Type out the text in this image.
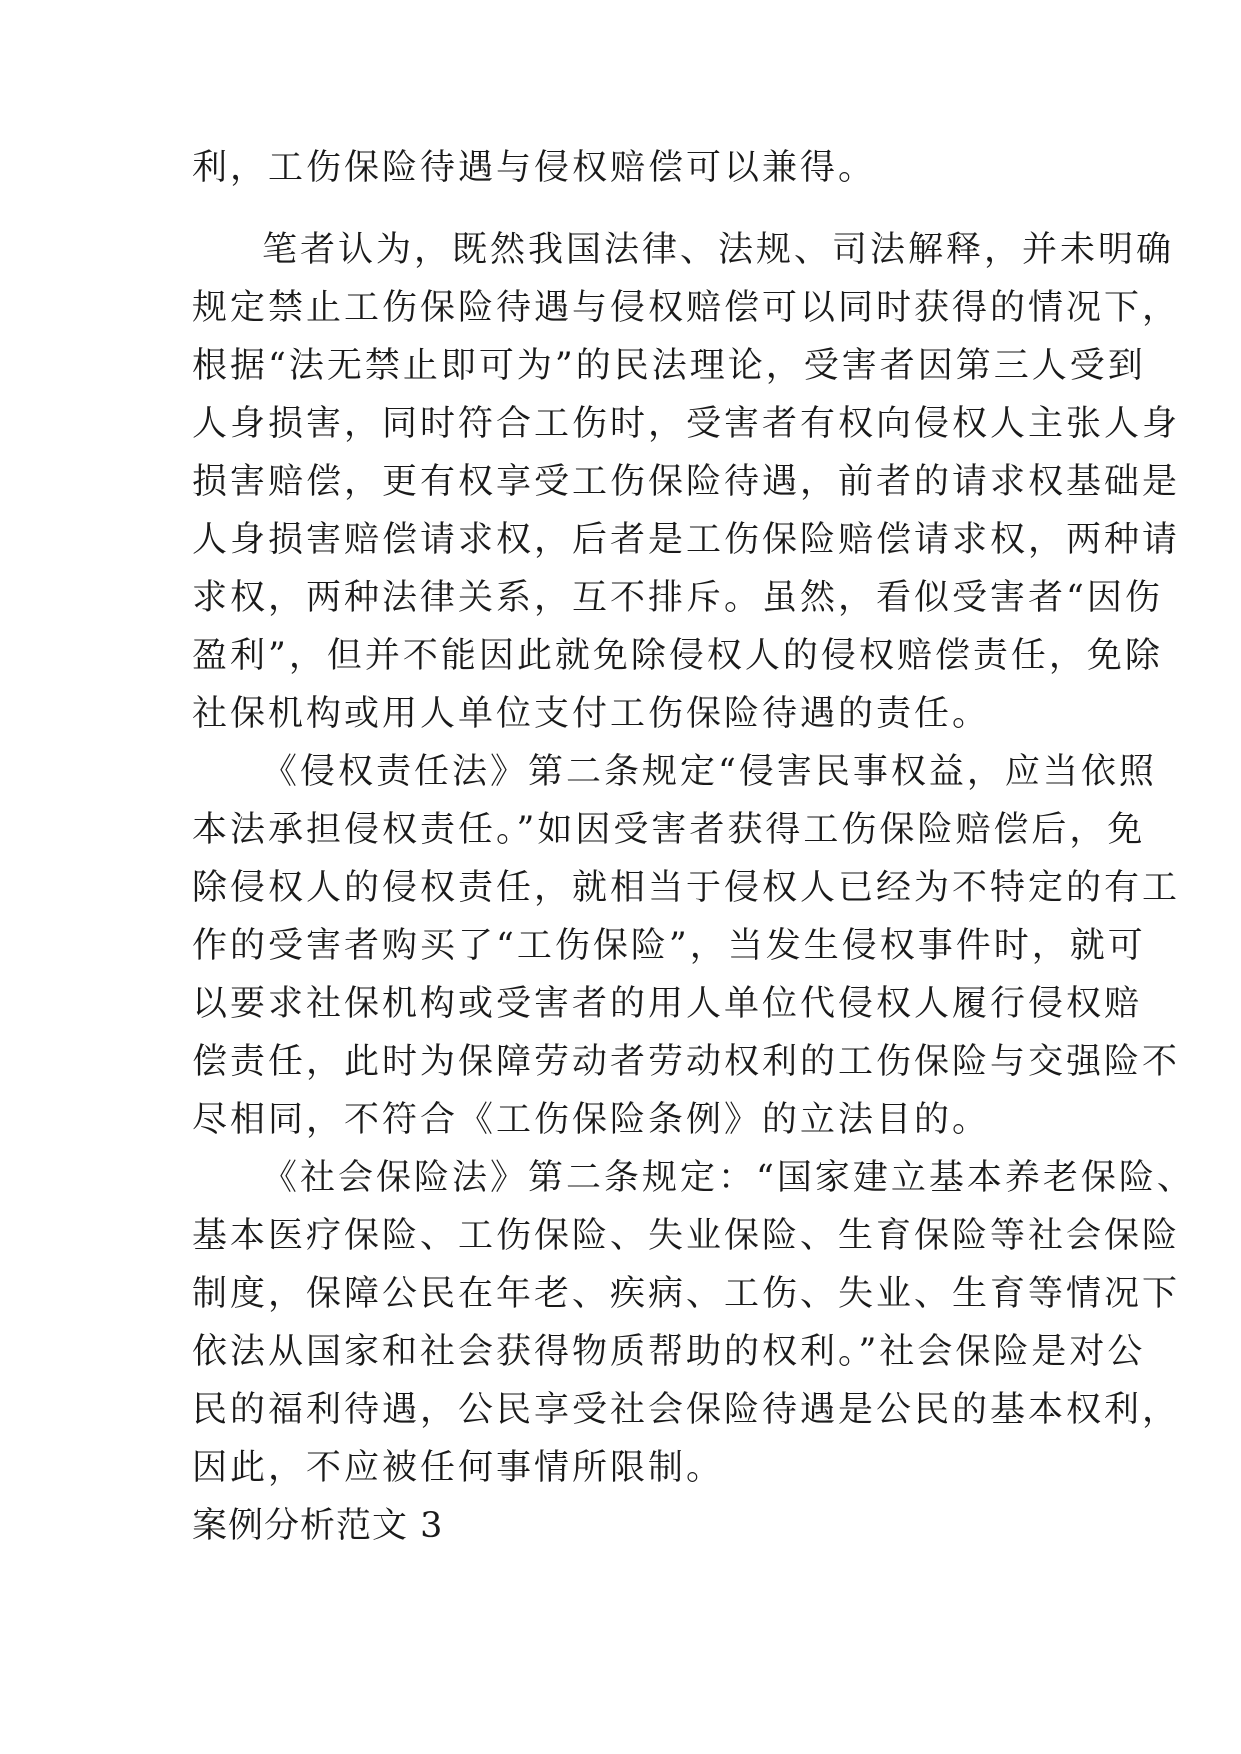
利，工伤保险待遇与侵权赔偿可以兼得。
笔者认为，既然我国法律、法规、司法解释，并未明确
规定禁止工伤保险待遇与侵权赔偿可以同时获得的情况下，
根据“法无禁止即可为”的民法理论，受害者因第三人受到
人身损害，同时符合工伤时，受害者有权向侵权人主张人身
损害赔偿，更有权享受工伤保险待遇，前者的请求权基础是
人身损害赔偿请求权，后者是工伤保险赔偿请求权，两种请
求权，两种法律关系，互不排斥。虽然，看似受害者“因伤
盈利”，但并不能因此就免除侵权人的侵权赔偿责任，免除
社保机构或用人单位支付工伤保险待遇的责任。
《侵权责任法》第二条规定“侵害民事权益，应当依照
本法承担侵权责任。”如因受害者获得工伤保险赔偿后，免
除侵权人的侵权责任，就相当于侵权人已经为不特定的有工
作的受害者购买了“工伤保险”，当发生侵权事件时，就可
以要求社保机构或受害者的用人单位代侵权人履行侵权赔
偿责任，此时为保障劳动者劳动权利的工伤保险与交强险不
尽相同，不符合《工伤保险条例》的立法目的。
《社会保险法》第二条规定：“国家建立基本养老保险、
基本医疗保险、工伤保险、失业保险、生育保险等社会保险
制度，保障公民在年老、疾病、工伤、失业、生育等情况下
依法从国家和社会获得物质帮助的权利。”社会保险是对公
民的福利待遇，公民享受社会保险待遇是公民的基本权利，
因此，不应被任何事情所限制。
案例分析范文 3
